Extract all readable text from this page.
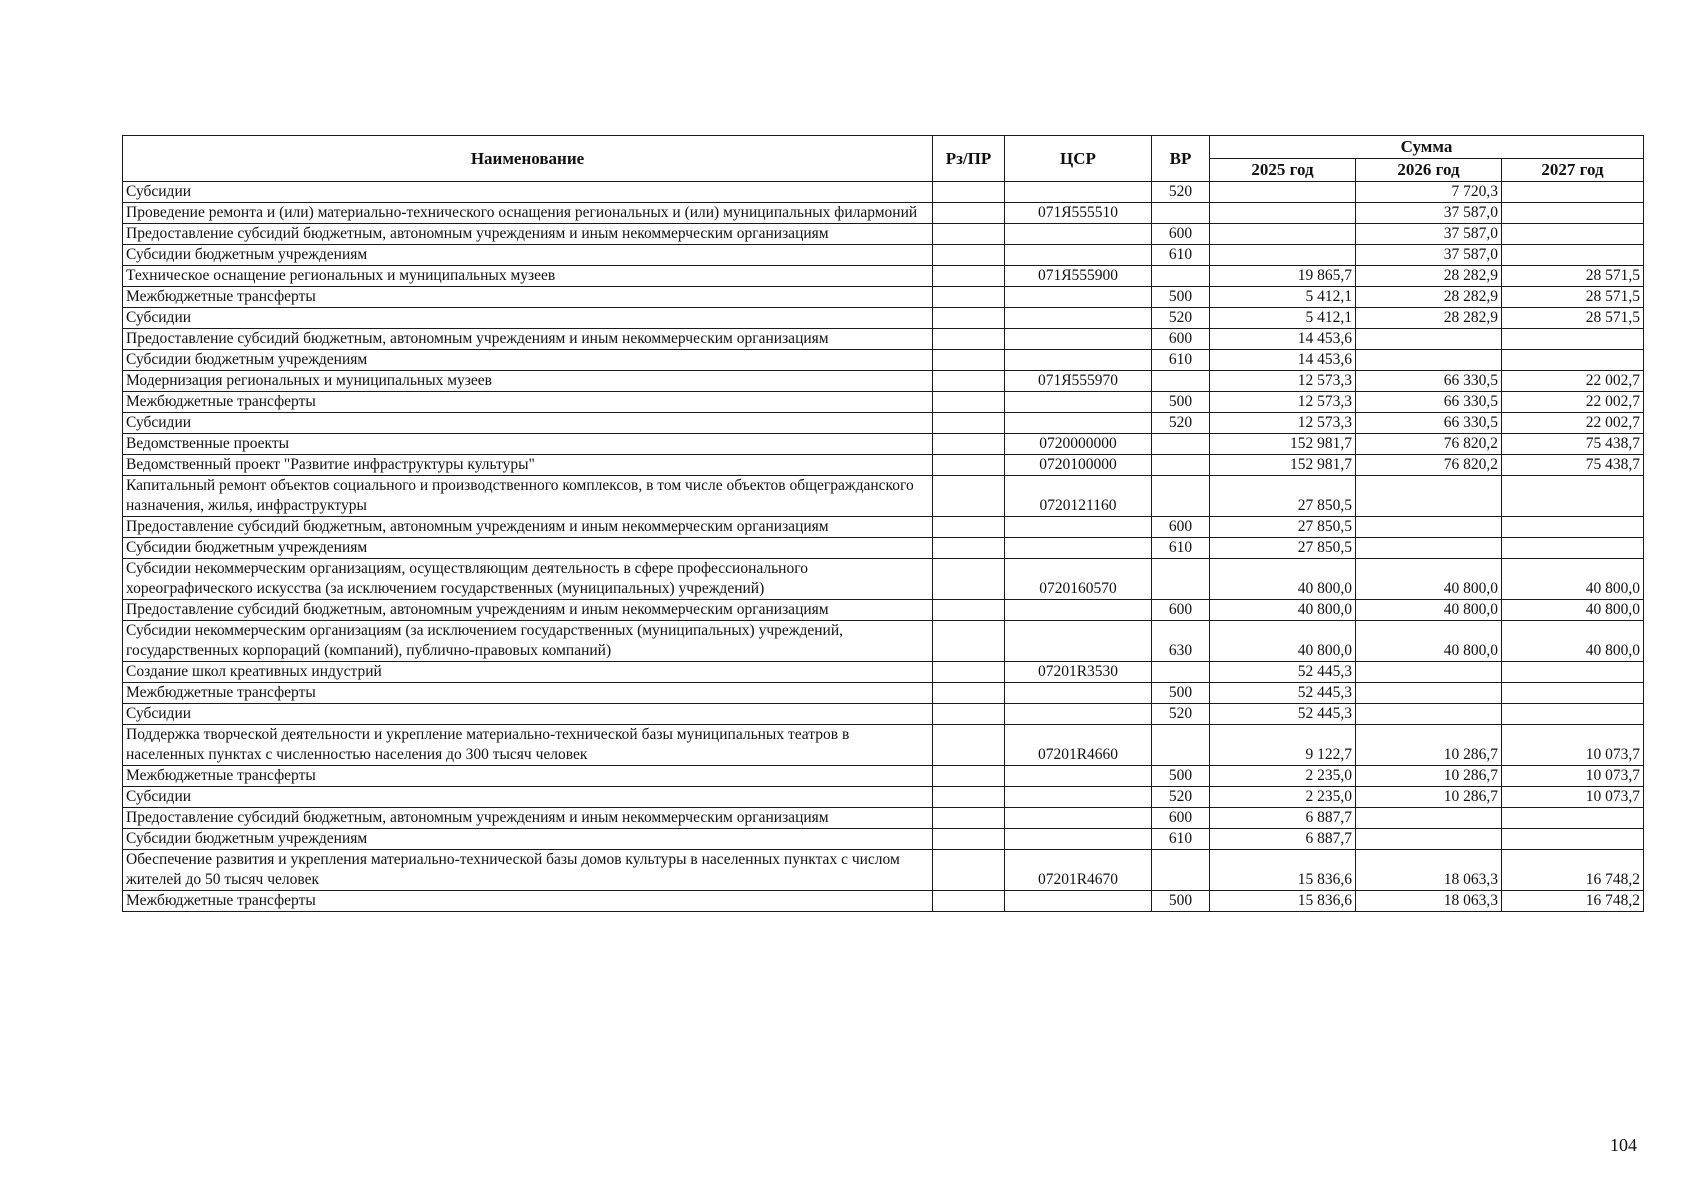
Наименование	Рз/ПР	ЦСР	ВР	Сумма		
				2025 год	2026 год	2027 год
Субсидии			520		7 720,3	
Проведение ремонта и (или) материально-технического оснащения региональных и (или) муниципальных филармоний		071Я555510			37 587,0	
Предоставление субсидий бюджетным, автономным учреждениям и иным некоммерческим организациям			600		37 587,0	
Субсидии бюджетным учреждениям			610		37 587,0	
Техническое оснащение региональных и муниципальных музеев		071Я555900		19 865,7	28 282,9	28 571,5
Межбюджетные трансферты			500	5 412,1	28 282,9	28 571,5
Субсидии			520	5 412,1	28 282,9	28 571,5
Предоставление субсидий бюджетным, автономным учреждениям и иным некоммерческим организациям			600	14 453,6		
Субсидии бюджетным учреждениям			610	14 453,6		
Модернизация региональных и муниципальных музеев		071Я555970		12 573,3	66 330,5	22 002,7
Межбюджетные трансферты			500	12 573,3	66 330,5	22 002,7
Субсидии			520	12 573,3	66 330,5	22 002,7
Ведомственные проекты		0720000000		152 981,7	76 820,2	75 438,7
Ведомственный проект "Развитие инфраструктуры культуры"		0720100000		152 981,7	76 820,2	75 438,7
Капитальный ремонт объектов социального и производственного комплексов, в том числе объектов общегражданского назначения, жилья, инфраструктуры		0720121160		27 850,5		
Предоставление субсидий бюджетным, автономным учреждениям и иным некоммерческим организациям			600	27 850,5		
Субсидии бюджетным учреждениям			610	27 850,5		
Субсидии некоммерческим организациям, осуществляющим деятельность в сфере профессионального хореографического искусства (за исключением государственных (муниципальных) учреждений)		0720160570		40 800,0	40 800,0	40 800,0
Предоставление субсидий бюджетным, автономным учреждениям и иным некоммерческим организациям			600	40 800,0	40 800,0	40 800,0
Субсидии некоммерческим организациям (за исключением государственных (муниципальных) учреждений, государственных корпораций (компаний), публично-правовых компаний)			630	40 800,0	40 800,0	40 800,0
Создание школ креативных индустрий		07201R3530		52 445,3		
Межбюджетные трансферты			500	52 445,3		
Субсидии			520	52 445,3		
Поддержка творческой деятельности и укрепление материально-технической базы муниципальных театров в населенных пунктах с численностью населения до 300 тысяч человек		07201R4660		9 122,7	10 286,7	10 073,7
Межбюджетные трансферты			500	2 235,0	10 286,7	10 073,7
Субсидии			520	2 235,0	10 286,7	10 073,7
Предоставление субсидий бюджетным, автономным учреждениям и иным некоммерческим организациям			600	6 887,7		
Субсидии бюджетным учреждениям			610	6 887,7		
Обеспечение развития и укрепления материально-технической базы домов культуры в населенных пунктах с числом жителей до 50 тысяч человек		07201R4670		15 836,6	18 063,3	16 748,2
Межбюджетные трансферты			500	15 836,6	18 063,3	16 748,2
104
